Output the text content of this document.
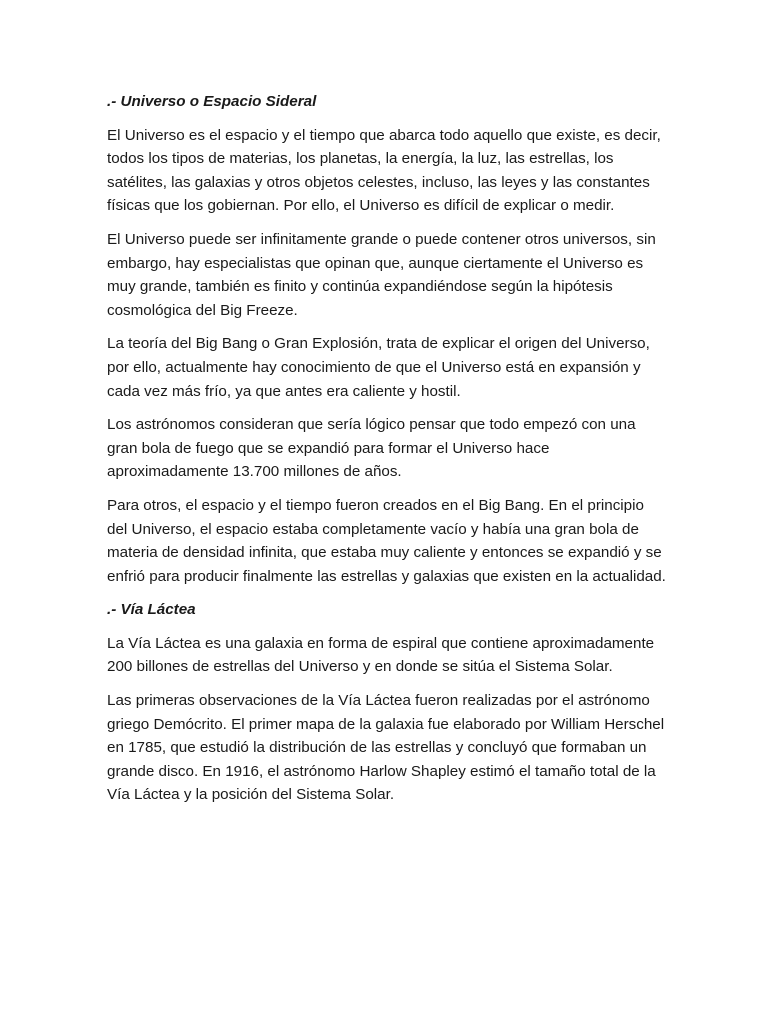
.- Universo o Espacio Sideral

El Universo es el espacio y el tiempo que abarca todo aquello que existe, es decir, todos los tipos de materias, los planetas, la energía, la luz, las estrellas, los satélites, las galaxias y otros objetos celestes, incluso, las leyes y las constantes físicas que los gobiernan. Por ello, el Universo es difícil de explicar o medir.

El Universo puede ser infinitamente grande o puede contener otros universos, sin embargo, hay especialistas que opinan que, aunque ciertamente el Universo es muy grande, también es finito y continúa expandiéndose según la hipótesis cosmológica del Big Freeze.

La teoría del Big Bang o Gran Explosión, trata de explicar el origen del Universo, por ello, actualmente hay conocimiento de que el Universo está en expansión y cada vez más frío, ya que antes era caliente y hostil.

Los astrónomos consideran que sería lógico pensar que todo empezó con una gran bola de fuego que se expandió para formar el Universo hace aproximadamente 13.700 millones de años.

Para otros, el espacio y el tiempo fueron creados en el Big Bang. En el principio del Universo, el espacio estaba completamente vacío y había una gran bola de materia de densidad infinita, que estaba muy caliente y entonces se expandió y se enfrió para producir finalmente las estrellas y galaxias que existen en la actualidad.

.- Vía Láctea

La Vía Láctea es una galaxia en forma de espiral que contiene aproximadamente 200 billones de estrellas del Universo y en donde se sitúa el Sistema Solar.

Las primeras observaciones de la Vía Láctea fueron realizadas por el astrónomo griego Demócrito. El primer mapa de la galaxia fue elaborado por William Herschel en 1785, que estudió la distribución de las estrellas y concluyó que formaban un grande disco. En 1916, el astrónomo Harlow Shapley estimó el tamaño total de la Vía Láctea y la posición del Sistema Solar.
